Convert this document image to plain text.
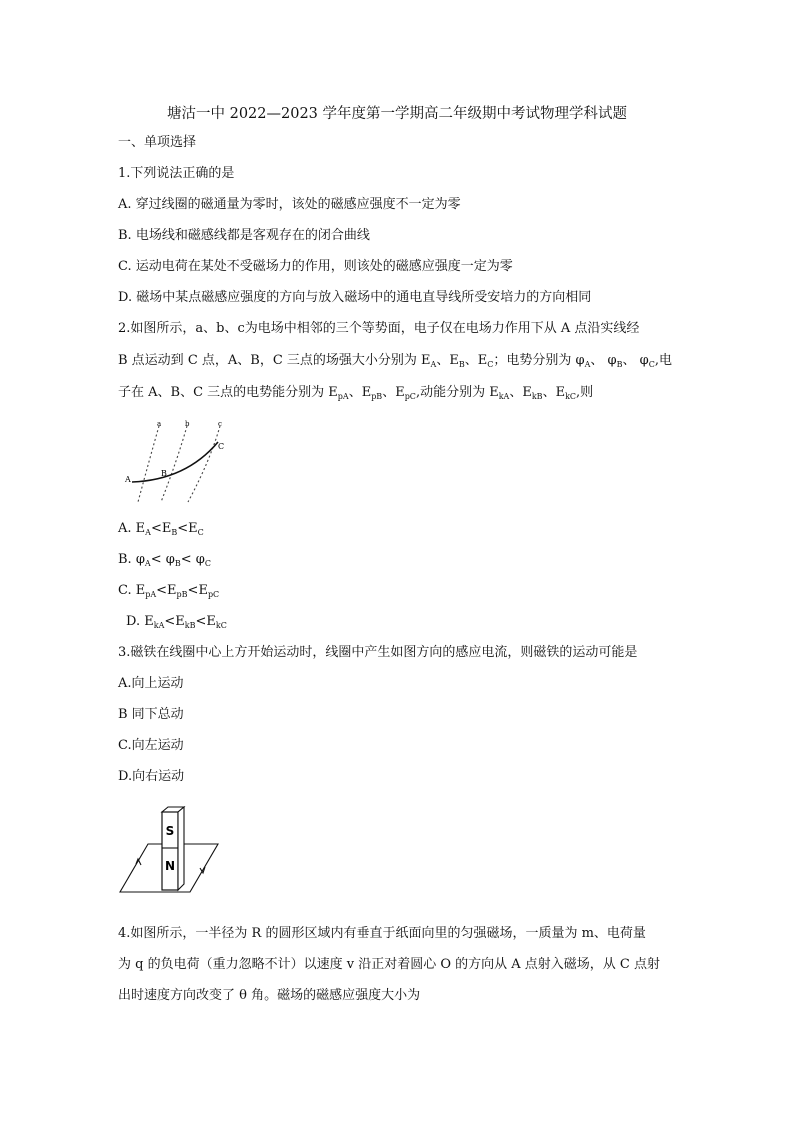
塘沽一中 2022—2023 学年度第一学期高二年级期中考试物理学科试题
一、单项选择
1.下列说法正确的是
A. 穿过线圈的磁通量为零时，该处的磁感应强度不一定为零
B. 电场线和磁感线都是客观存在的闭合曲线
C. 运动电荷在某处不受磁场力的作用，则该处的磁感应强度一定为零
D. 磁场中某点磁感应强度的方向与放入磁场中的通电直导线所受安培力的方向相同
2.如图所示，a、b、c为电场中相邻的三个等势面，电子仅在电场力作用下从 A 点沿实线经
B 点运动到 C 点，A、B，C 三点的场强大小分别为 $E_A$、$E_B$、$E_C$；电势分别为 $\varphi_A$、 $\varphi_B$、 $\varphi_C$,电
子在 A、B、C 三点的电势能分别为 $E_{pA}$、$E_{pB}$、$E_{pC}$,动能分别为 $E_{kA}$、$E_{kB}$、$E_{kC}$,则
a	b	c
A
B
C
A. $E_A<E_B<E_C$
B. $\varphi_A< \varphi_B< \varphi_C$
C. $E_{pA}<E_{pB}<E_{pC}$
D. $E_{kA}<E_{kB}<E_{kC}$
3.磁铁在线圈中心上方开始运动时，线圈中产生如图方向的感应电流，则磁铁的运动可能是
A.向上运动
B 同下总动
C.向左运动
D.向右运动
S
N
4.如图所示，一半径为 R 的圆形区域内有垂直于纸面向里的匀强磁场，一质量为 m、电荷量
为 q 的负电荷（重力忽略不计）以速度 v 沿正对着圆心 O 的方向从 A 点射入磁场，从 C 点射
出时速度方向改变了 θ 角。磁场的磁感应强度大小为
